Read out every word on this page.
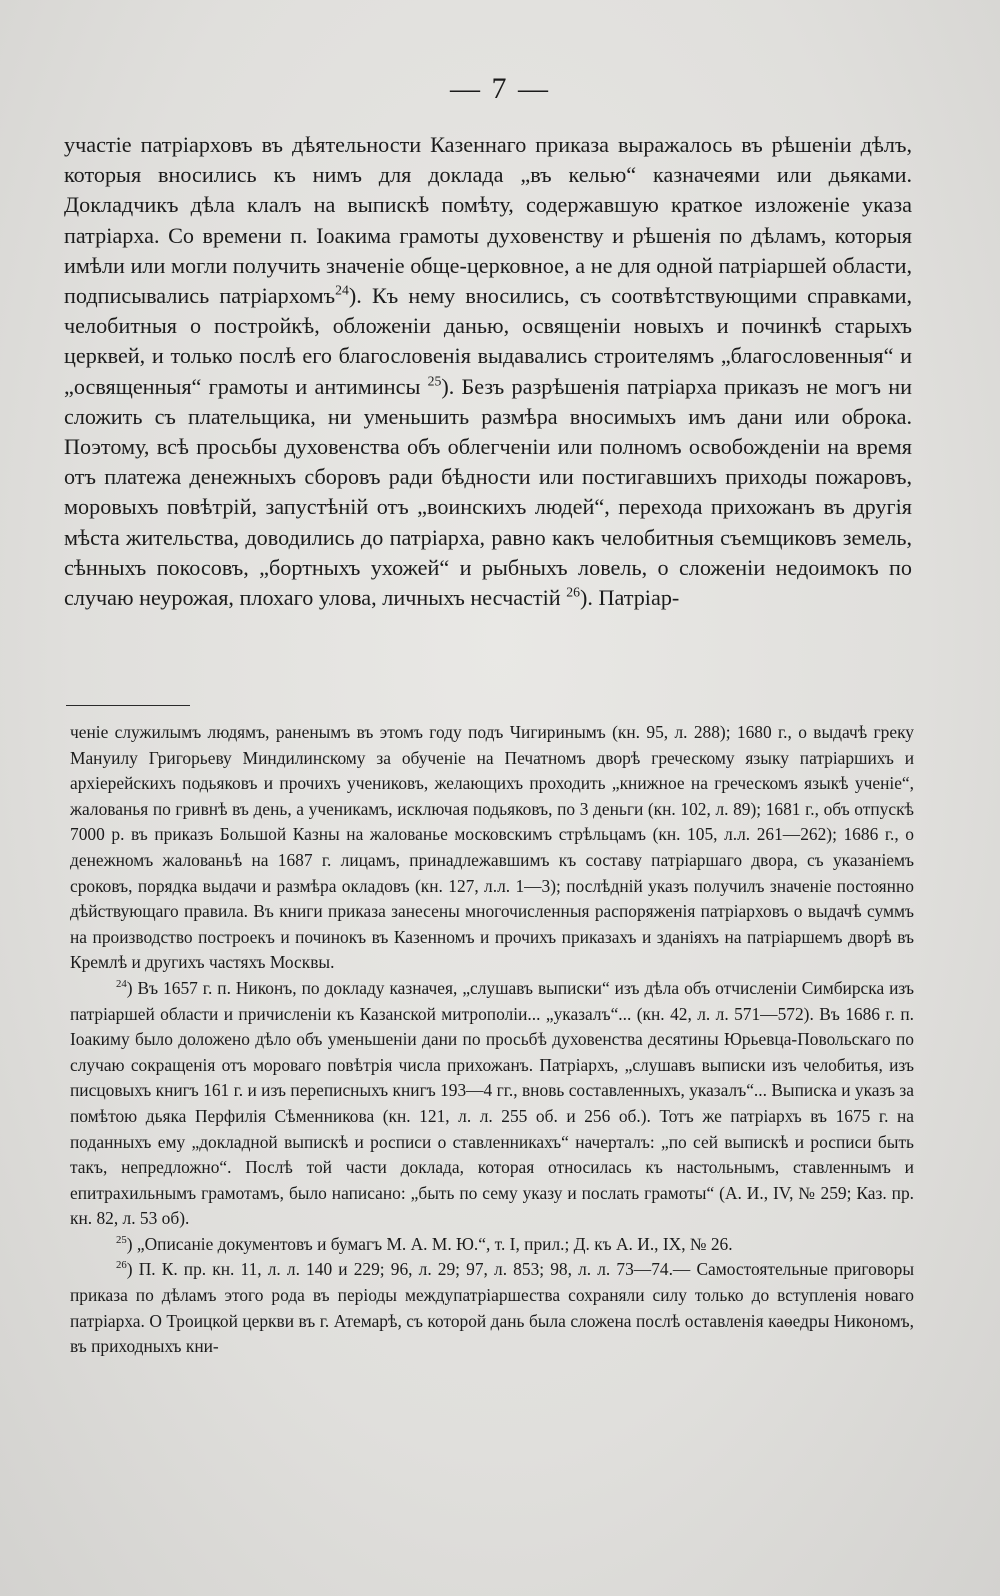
— 7 —

участіе патріарховъ въ дѣятельности Казеннаго приказа выражалось въ рѣшеніи дѣлъ, которыя вносились къ нимъ для доклада „въ келью“ казначеями или дьяками. Докладчикъ дѣла клалъ на выпискѣ помѣту, содержавшую краткое изложеніе указа патріарха. Со времени п. Іоакима грамоты духовенству и рѣшенія по дѣламъ, которыя имѣли или могли получить значеніе обще-церковное, а не для одной патріаршей области, подписывались патріархомъ$^{24}$). Къ нему вносились, съ соотвѣтствующими справками, челобитныя о постройкѣ, обложеніи данью, освященіи новыхъ и починкѣ старыхъ церквей, и только послѣ его благословенія выдавались строителямъ „благословенныя“ и „освященныя“ грамоты и антиминсы $^{25}$). Безъ разрѣшенія патріарха приказъ не могъ ни сложить съ плательщика, ни уменьшить размѣра вносимыхъ имъ дани или оброка. Поэтому, всѣ просьбы духовенства объ облегченіи или полномъ освобожденіи на время отъ платежа денежныхъ сборовъ ради бѣдности или постигавшихъ приходы пожаровъ, моровыхъ повѣтрій, запустѣній отъ „воинскихъ людей“, перехода прихожанъ въ другія мѣста жительства, доводились до патріарха, равно какъ челобитныя съемщиковъ земель, сѣнныхъ покосовъ, „бортныхъ ухожей“ и рыбныхъ ловель, о сложеніи недоимокъ по случаю неурожая, плохаго улова, личныхъ несчастій $^{26}$). Патріар-

ченіе служилымъ людямъ, раненымъ въ этомъ году подъ Чигиринымъ (кн. 95, л. 288); 1680 г., о выдачѣ греку Мануилу Григорьеву Миндилинскому за обученіе на Печатномъ дворѣ греческому языку патріаршихъ и архіерейскихъ подьяковъ и прочихъ учениковъ, желающихъ проходить „книжное на греческомъ языкѣ ученіе“, жалованья по гривнѣ въ день, а ученикамъ, исключая подьяковъ, по 3 деньги (кн. 102, л. 89); 1681 г., объ отпускѣ 7000 р. въ приказъ Большой Казны на жалованье московскимъ стрѣльцамъ (кн. 105, л.л. 261—262); 1686 г., о денежномъ жалованьѣ на 1687 г. лицамъ, принадлежавшимъ къ составу патріаршаго двора, съ указаніемъ сроковъ, порядка выдачи и размѣра окладовъ (кн. 127, л.л. 1—3); послѣдній указъ получилъ значеніе постоянно дѣйствующаго правила. Въ книги приказа занесены многочисленныя распоряженія патріарховъ о выдачѣ суммъ на производство построекъ и починокъ въ Казенномъ и прочихъ приказахъ и зданіяхъ на патріаршемъ дворѣ въ Кремлѣ и другихъ частяхъ Москвы.

$^{24}$) Въ 1657 г. п. Никонъ, по докладу казначея, „слушавъ выписки“ изъ дѣла объ отчисленіи Симбирска изъ патріаршей области и причисленіи къ Казанской митрополіи... „указалъ“... (кн. 42, л. л. 571—572). Въ 1686 г. п. Іоакиму было доложено дѣло объ уменьшеніи дани по просьбѣ духовенства десятины Юрьевца-Повольскаго по случаю сокращенія отъ мороваго повѣтрія числа прихожанъ. Патріархъ, „слушавъ выписки изъ челобитья, изъ писцовыхъ книгъ 161 г. и изъ переписныхъ книгъ 193—4 гг., вновь составленныхъ, указалъ“... Выписка и указъ за помѣтою дьяка Перфилія Сѣменникова (кн. 121, л. л. 255 об. и 256 об.). Тотъ же патріархъ въ 1675 г. на поданныхъ ему „докладной выпискѣ и росписи о ставленникахъ“ начерталъ: „по сей выпискѣ и росписи быть такъ, непредложно“. Послѣ той части доклада, которая относилась къ настольнымъ, ставленнымъ и епитрахильнымъ грамотамъ, было написано: „быть по сему указу и послать грамоты“ (А. И., IV, № 259; Каз. пр. кн. 82, л. 53 об).

$^{25}$) „Описаніе документовъ и бумагъ М. А. М. Ю.“, т. I, прил.; Д. къ А. И., IX, № 26.

$^{26}$) П. К. пр. кн. 11, л. л. 140 и 229; 96, л. 29; 97, л. 853; 98, л. л. 73—74.— Самостоятельные приговоры приказа по дѣламъ этого рода въ періоды междупатріаршества сохраняли силу только до вступленія новаго патріарха. О Троицкой церкви въ г. Атемарѣ, съ которой дань была сложена послѣ оставленія каѳедры Никономъ, въ приходныхъ кни-
